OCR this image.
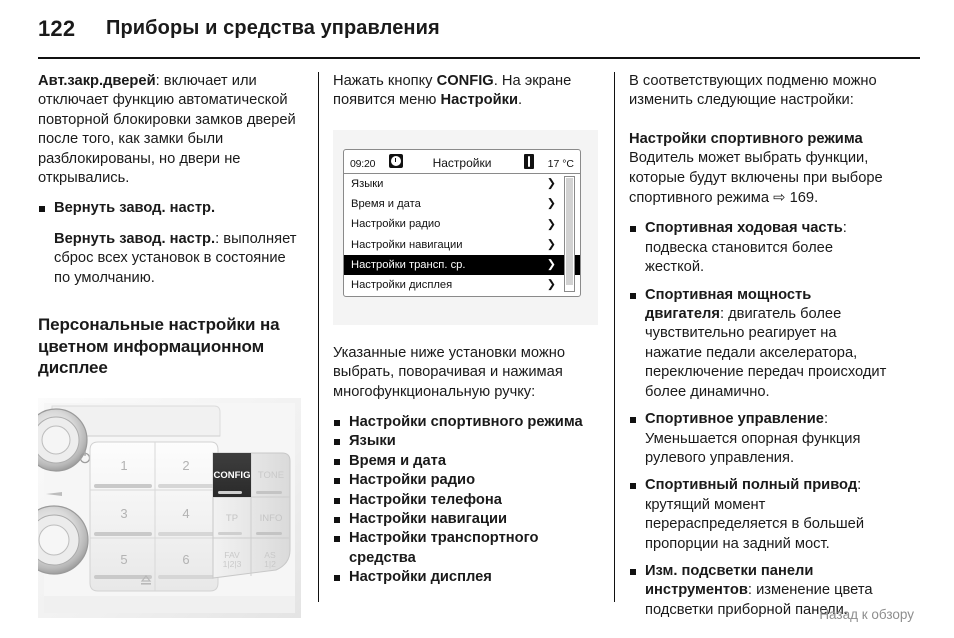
122 Приборы и средства управления

Авт.закр.дверей: включает или отключает функцию автоматической повторной блокировки замков дверей после того, как замки были разблокированы, но двери не открывались.

Вернуть завод. настр.

Вернуть завод. настр.: выполняет сброс всех установок в состояние по умолчанию.

Персональные настройки на цветном информационном дисплее
1	2
3	4
5	6
CONFIG TONE
TP INFO
FAV
1|2|3
AS
1|2

Нажать кнопку CONFIG. На экране появится меню Настройки.

09:20	Настройки	17 °C
Языки	❯
Время и дата	❯
Настройки радио	❯
Настройки навигации	❯
Настройки трансп. ср.	❯
Настройки дисплея	❯

Указанные ниже установки можно выбрать, поворачивая и нажимая многофункциональную ручку:

Настройки спортивного режима
Языки
Время и дата
Настройки радио
Настройки телефона
Настройки навигации
Настройки транспортного средства
Настройки дисплея

В соответствующих подменю можно изменить следующие настройки:

Настройки спортивного режима

Водитель может выбрать функции, которые будут включены при выборе спортивного режима ⇨ 169.

Спортивная ходовая часть: подвеска становится более жесткой.
Спортивная мощность двигателя: двигатель более чувствительно реагирует на нажатие педали акселератора, переключение передач происходит более динамично.
Спортивное управление: Уменьшается опорная функция рулевого управления.
Спортивный полный привод: крутящий момент перераспределяется в большей пропорции на задний мост.
Изм. подсветки панели инструментов: изменение цвета подсветки приборной панели.
Назад к обзору
